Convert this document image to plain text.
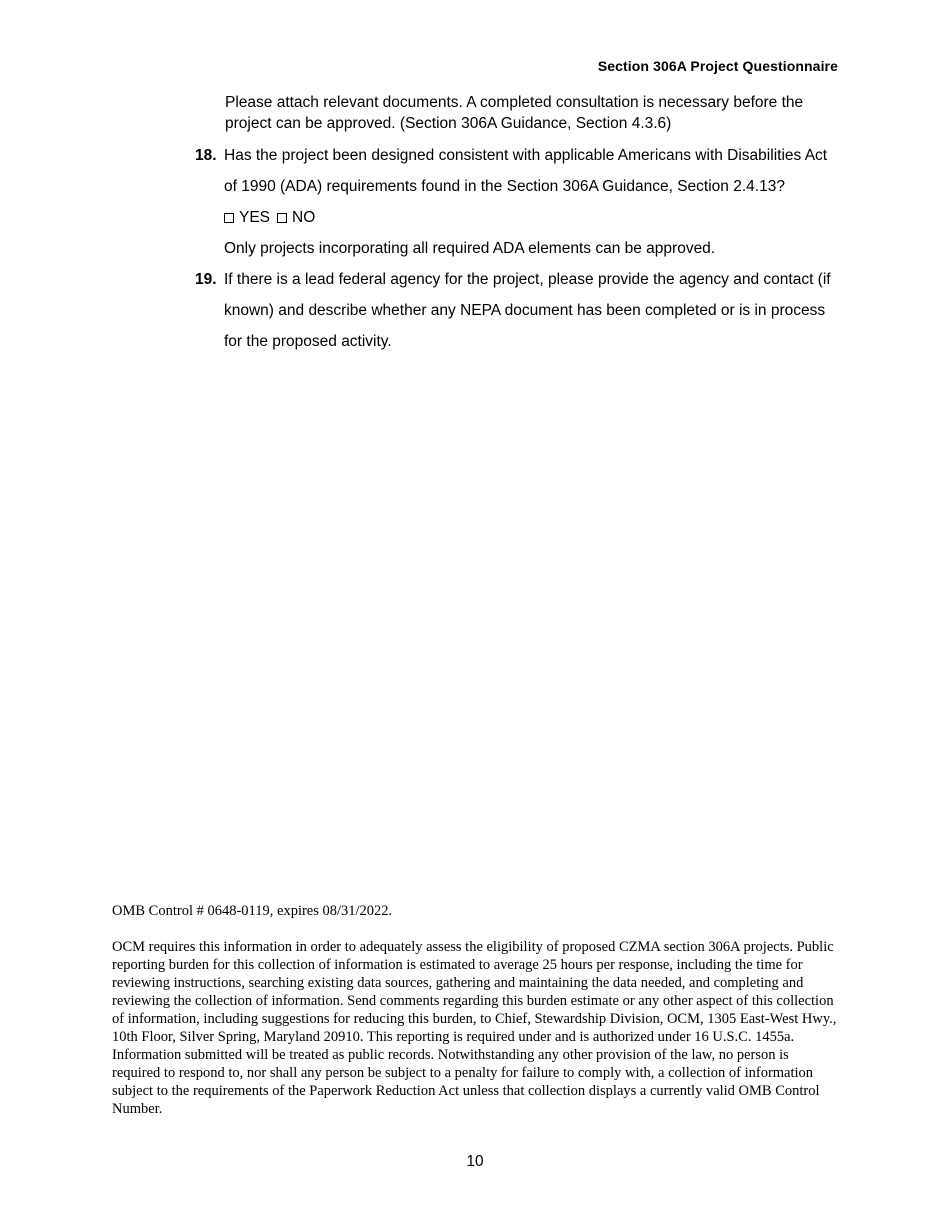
Section 306A Project Questionnaire
Please attach relevant documents. A completed consultation is necessary before the project can be approved. (Section 306A Guidance, Section 4.3.6)
18. Has the project been designed consistent with applicable Americans with Disabilities Act
of 1990 (ADA) requirements found in the Section 306A Guidance, Section 2.4.13?
YES NO
Only projects incorporating all required ADA elements can be approved.
19. If there is a lead federal agency for the project, please provide the agency and contact (if
known) and describe whether any NEPA document has been completed or is in process
for the proposed activity.
OMB Control # 0648-0119, expires 08/31/2022.
OCM requires this information in order to adequately assess the eligibility of proposed CZMA section 306A projects. Public reporting burden for this collection of information is estimated to average 25 hours per response, including the time for reviewing instructions, searching existing data sources, gathering and maintaining the data needed, and completing and reviewing the collection of information. Send comments regarding this burden estimate or any other aspect of this collection of information, including suggestions for reducing this burden, to Chief, Stewardship Division, OCM, 1305 East-West Hwy., 10th Floor, Silver Spring, Maryland 20910. This reporting is required under and is authorized under 16 U.S.C. 1455a. Information submitted will be treated as public records. Notwithstanding any other provision of the law, no person is required to respond to, nor shall any person be subject to a penalty for failure to comply with, a collection of information subject to the requirements of the Paperwork Reduction Act unless that collection displays a currently valid OMB Control Number.
10
